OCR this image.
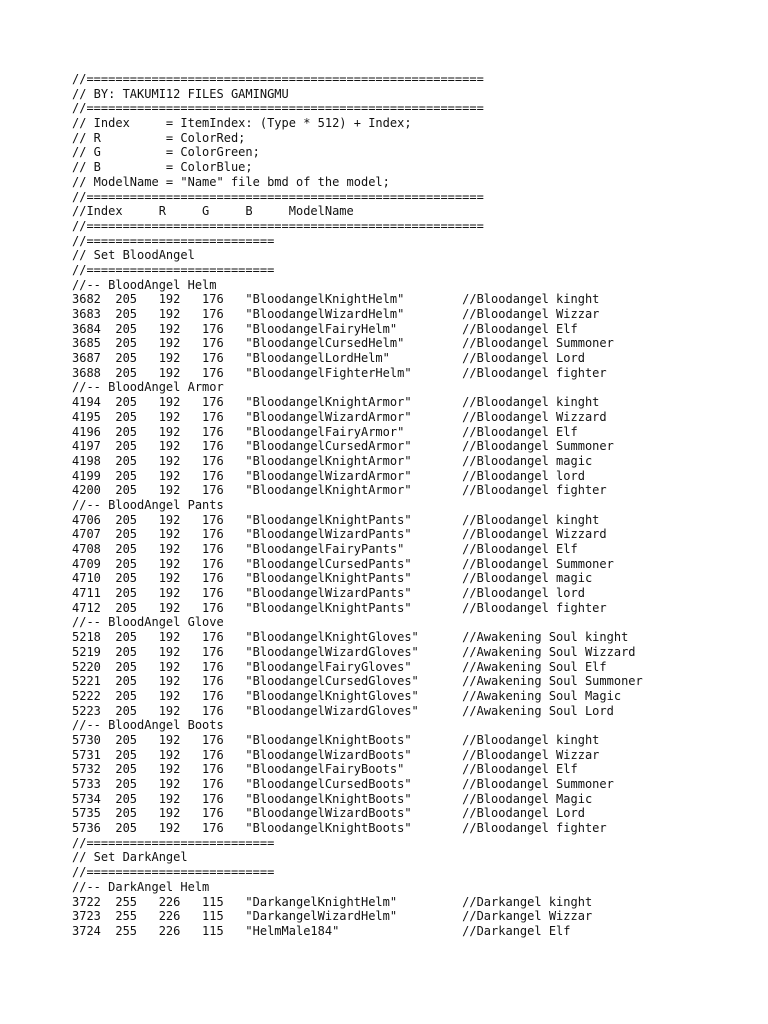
//=======================================================
// BY: TAKUMI12 FILES GAMINGMU
//=======================================================
// Index     = ItemIndex: (Type * 512) + Index;
// R         = ColorRed;
// G         = ColorGreen;
// B         = ColorBlue;
// ModelName = "Name" file bmd of the model;
//=======================================================
//Index     R     G     B     ModelName
//=======================================================
//==========================
// Set BloodAngel
//==========================
//-- BloodAngel Helm
3682  205   192   176   "BloodangelKnightHelm"        //Bloodangel kinght
3683  205   192   176   "BloodangelWizardHelm"        //Bloodangel Wizzar
3684  205   192   176   "BloodangelFairyHelm"         //Bloodangel Elf
3685  205   192   176   "BloodangelCursedHelm"        //Bloodangel Summoner
3687  205   192   176   "BloodangelLordHelm"          //Bloodangel Lord
3688  205   192   176   "BloodangelFighterHelm"       //Bloodangel fighter
//-- BloodAngel Armor
4194  205   192   176   "BloodangelKnightArmor"       //Bloodangel kinght
4195  205   192   176   "BloodangelWizardArmor"       //Bloodangel Wizzard
4196  205   192   176   "BloodangelFairyArmor"        //Bloodangel Elf
4197  205   192   176   "BloodangelCursedArmor"       //Bloodangel Summoner
4198  205   192   176   "BloodangelKnightArmor"       //Bloodangel magic
4199  205   192   176   "BloodangelWizardArmor"       //Bloodangel lord
4200  205   192   176   "BloodangelKnightArmor"       //Bloodangel fighter
//-- BloodAngel Pants
4706  205   192   176   "BloodangelKnightPants"       //Bloodangel kinght
4707  205   192   176   "BloodangelWizardPants"       //Bloodangel Wizzard
4708  205   192   176   "BloodangelFairyPants"        //Bloodangel Elf
4709  205   192   176   "BloodangelCursedPants"       //Bloodangel Summoner
4710  205   192   176   "BloodangelKnightPants"       //Bloodangel magic
4711  205   192   176   "BloodangelWizardPants"       //Bloodangel lord
4712  205   192   176   "BloodangelKnightPants"       //Bloodangel fighter
//-- BloodAngel Glove
5218  205   192   176   "BloodangelKnightGloves"      //Awakening Soul kinght
5219  205   192   176   "BloodangelWizardGloves"      //Awakening Soul Wizzard
5220  205   192   176   "BloodangelFairyGloves"       //Awakening Soul Elf
5221  205   192   176   "BloodangelCursedGloves"      //Awakening Soul Summoner
5222  205   192   176   "BloodangelKnightGloves"      //Awakening Soul Magic
5223  205   192   176   "BloodangelWizardGloves"      //Awakening Soul Lord
//-- BloodAngel Boots
5730  205   192   176   "BloodangelKnightBoots"       //Bloodangel kinght
5731  205   192   176   "BloodangelWizardBoots"       //Bloodangel Wizzar
5732  205   192   176   "BloodangelFairyBoots"        //Bloodangel Elf
5733  205   192   176   "BloodangelCursedBoots"       //Bloodangel Summoner
5734  205   192   176   "BloodangelKnightBoots"       //Bloodangel Magic
5735  205   192   176   "BloodangelWizardBoots"       //Bloodangel Lord
5736  205   192   176   "BloodangelKnightBoots"       //Bloodangel fighter
//==========================
// Set DarkAngel
//==========================
//-- DarkAngel Helm
3722  255   226   115   "DarkangelKnightHelm"         //Darkangel kinght
3723  255   226   115   "DarkangelWizardHelm"         //Darkangel Wizzar
3724  255   226   115   "HelmMale184"                 //Darkangel Elf
